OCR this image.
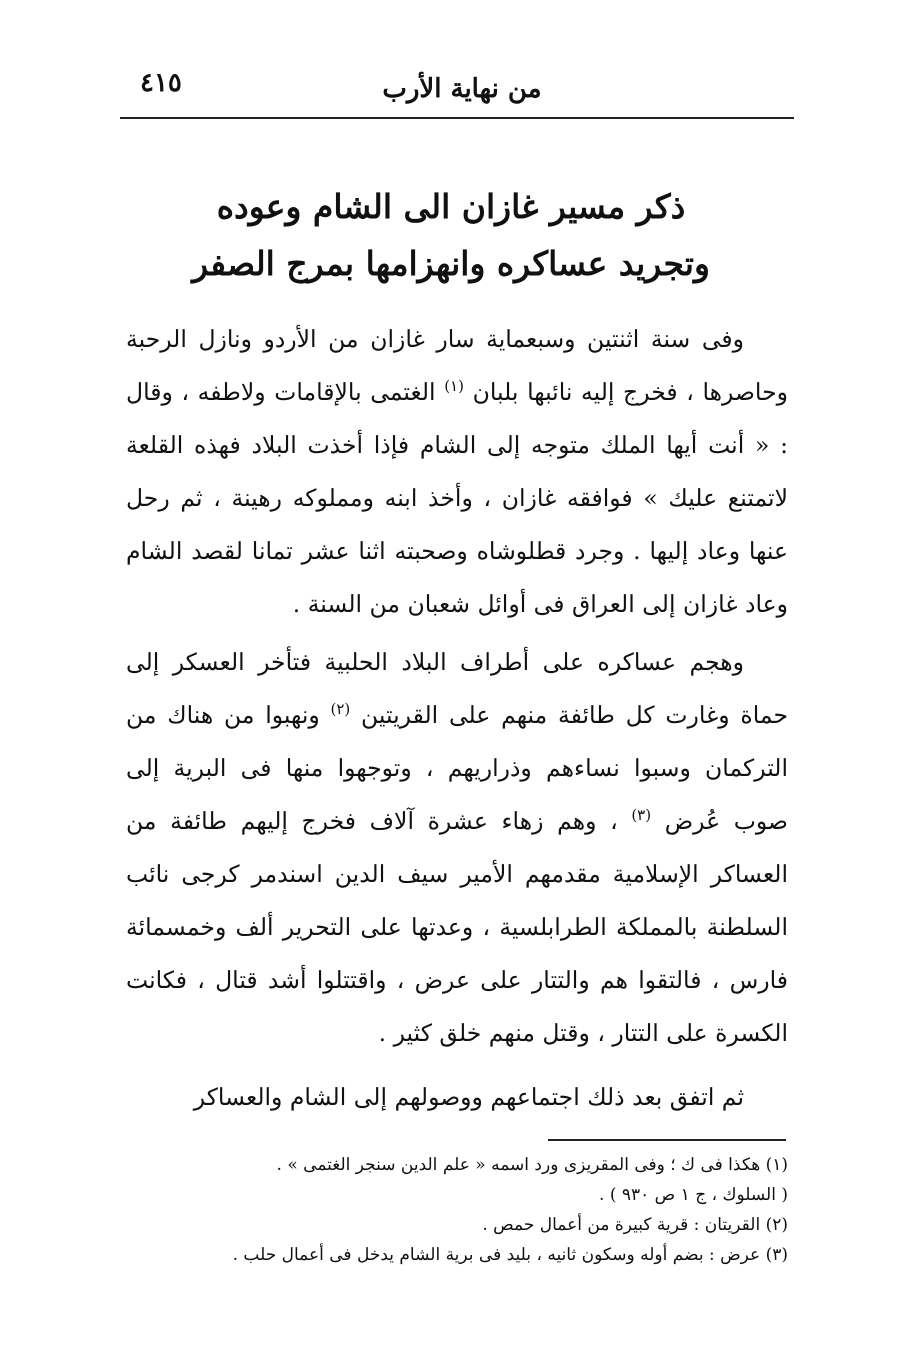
٤١٥	من نهاية الأرب
ذكر مسير غازان الى الشام وعوده
وتجريد عساكره وانهزامها بمرج الصفر

وفى سنة اثنتين وسبعماية سار غازان من الأردو ونازل الرحبة وحاصرها ، فخرج إليه نائبها بلبان $^{(١)}$ الغتمى بالإقامات ولاطفه ، وقال : « أنت أيها الملك متوجه إلى الشام فإذا أخذت البلاد فهذه القلعة لاتمتنع عليك » فوافقه غازان ، وأخذ ابنه ومملوكه رهينة ، ثم رحل عنها وعاد إليها . وجرد قطلوشاه وصحبته اثنا عشر تمانا لقصد الشام وعاد غازان إلى العراق فى أوائل شعبان من السنة .

وهجم عساكره على أطراف البلاد الحلبية فتأخر العسكر إلى حماة وغارت كل طائفة منهم على القريتين $^{(٢)}$ ونهبوا من هناك من التركمان وسبوا نساءهم وذراريهم ، وتوجهوا منها فى البرية إلى صوب عُرض $^{(٣)}$ ، وهم زهاء عشرة آلاف فخرج إليهم طائفة من العساكر الإسلامية مقدمهم الأمير سيف الدين اسندمر كرجى نائب السلطنة بالمملكة الطرابلسية ، وعدتها على التحرير ألف وخمسمائة فارس ، فالتقوا هم والتتار على عرض ، واقتتلوا أشد قتال ، فكانت الكسرة على التتار ، وقتل منهم خلق كثير .

ثم اتفق بعد ذلك اجتماعهم ووصولهم إلى الشام والعساكر

(١) هكذا فى ك ؛ وفى المقريزى ورد اسمه « علم الدين سنجر الغتمى » .
( السلوك ، ج ١ ص ٩٣٠ ) .
(٢) القريتان : قرية كبيرة من أعمال حمص .
(٣) عرض : بضم أوله وسكون ثانيه ، بليد فى برية الشام يدخل فى أعمال حلب .
